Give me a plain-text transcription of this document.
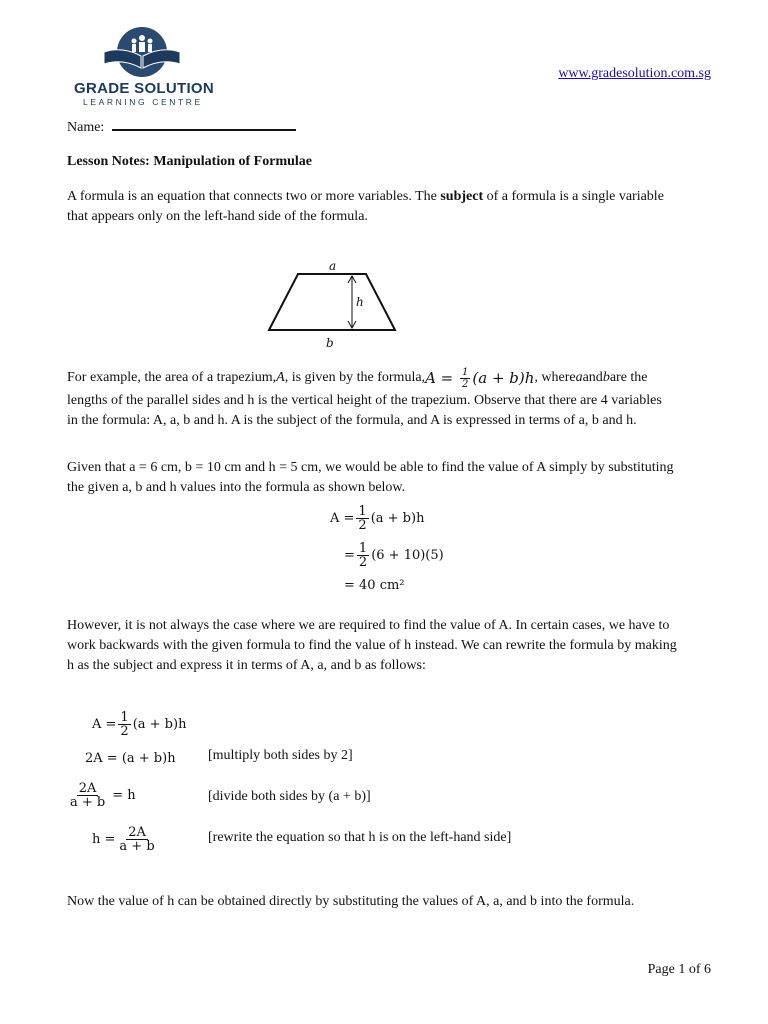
GRADE SOLUTION
LEARNING CENTRE
www.gradesolution.com.sg
Name:
Lesson Notes: Manipulation of Formulae
A formula is an equation that connects two or more variables. The subject of a formula is a single variable
that appears only on the left-hand side of the formula.
a
h
b
For example, the area of a trapezium, A , is given by the formula, $A = \frac{1}{2} (a + b)h$ , where a and b are the
lengths of the parallel sides and h is the vertical height of the trapezium. Observe that there are 4 variables
in the formula: A, a, b and h. A is the subject of the formula, and A is expressed in terms of a, b and h.
Given that a = 6 cm, b = 10 cm and h = 5 cm, we would be able to find the value of A simply by substituting
the given a, b and h values into the formula as shown below.
$A = \frac{1}{2} (a + b)h$
= $\frac{1}{2} (6 + 10)(5)$
= 40 cm²
However, it is not always the case where we are required to find the value of A. In certain cases, we have to
work backwards with the given formula to find the value of h instead. We can rewrite the formula by making
h as the subject and express it in terms of A, a, and b as follows:
$A = \frac{1}{2} (a + b)h$
2A = (a + b)h [multiply both sides by 2]
$\frac{2A}{a + b} = h$	[divide both sides by (a + b)]
$h = \frac{2A}{a + b}$	[rewrite the equation so that h is on the left-hand side]
Now the value of h can be obtained directly by substituting the values of A, a, and b into the formula.
Page 1 of 6
